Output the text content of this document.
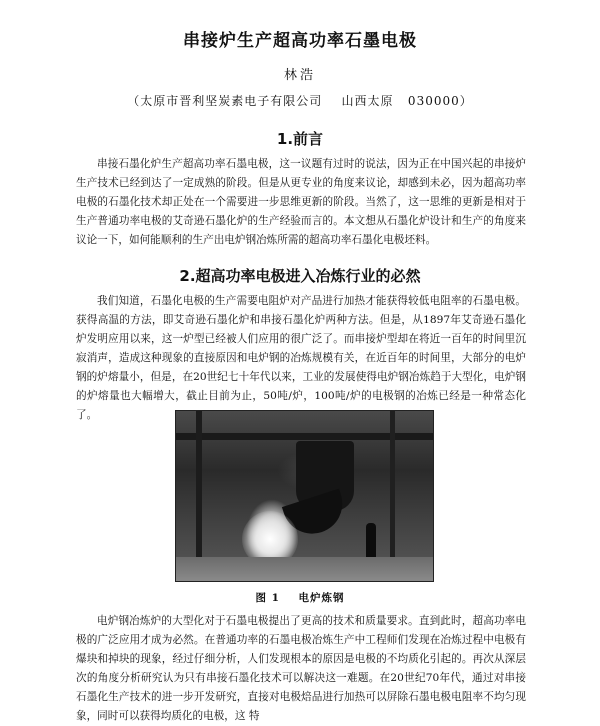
串接炉生产超高功率石墨电极
林浩
（太原市晋利坚炭素电子有限公司    山西太原   030000）
1.前言

串接石墨化炉生产超高功率石墨电极，这一议题有过时的说法，因为正在中国兴起的串接炉生产技术已经到达了一定成熟的阶段。但是从更专业的角度来议论，却感到未必，因为超高功率电极的石墨化技术却正处在一个需要进一步思维更新的阶段。当然了，这一思维的更新是相对于生产普通功率电极的艾奇逊石墨化炉的生产经验而言的。本文想从石墨化炉设计和生产的角度来议论一下，如何能顺利的生产出电炉钢冶炼所需的超高功率石墨化电极坯料。

2.超高功率电极进入冶炼行业的必然

我们知道，石墨化电极的生产需要电阻炉对产品进行加热才能获得较低电阻率的石墨电极。获得高温的方法，即艾奇逊石墨化炉和串接石墨化炉两种方法。但是，从1897年艾奇逊石墨化炉发明应用以来，这一炉型已经被人们应用的很广泛了。而串接炉型却在将近一百年的时间里沉寂消声，造成这种现象的直接原因和电炉钢的冶炼规模有关，在近百年的时间里，大部分的电炉钢的炉熔量小，但是，在20世纪七十年代以来，工业的发展使得电炉钢冶炼趋于大型化，电炉钢的炉熔量也大幅增大，截止目前为止，50吨/炉，100吨/炉的电极钢的冶炼已经是一种常态化了。

图 1    电炉炼钢

电炉钢冶炼炉的大型化对于石墨电极提出了更高的技术和质量要求。直到此时，超高功率电极的广泛应用才成为必然。在普通功率的石墨电极冶炼生产中工程师们发现在冶炼过程中电极有爆块和掉块的现象，经过仔细分析，人们发现根本的原因是电极的不均质化引起的。再次从深层次的角度分析研究认为只有串接石墨化技术可以解决这一难题。在20世纪70年代，通过对串接石墨化生产技术的进一步开发研究，直接对电极焙品进行加热可以屏除石墨电极电阻率不均匀现象，同时可以获得均质化的电极，这 特
